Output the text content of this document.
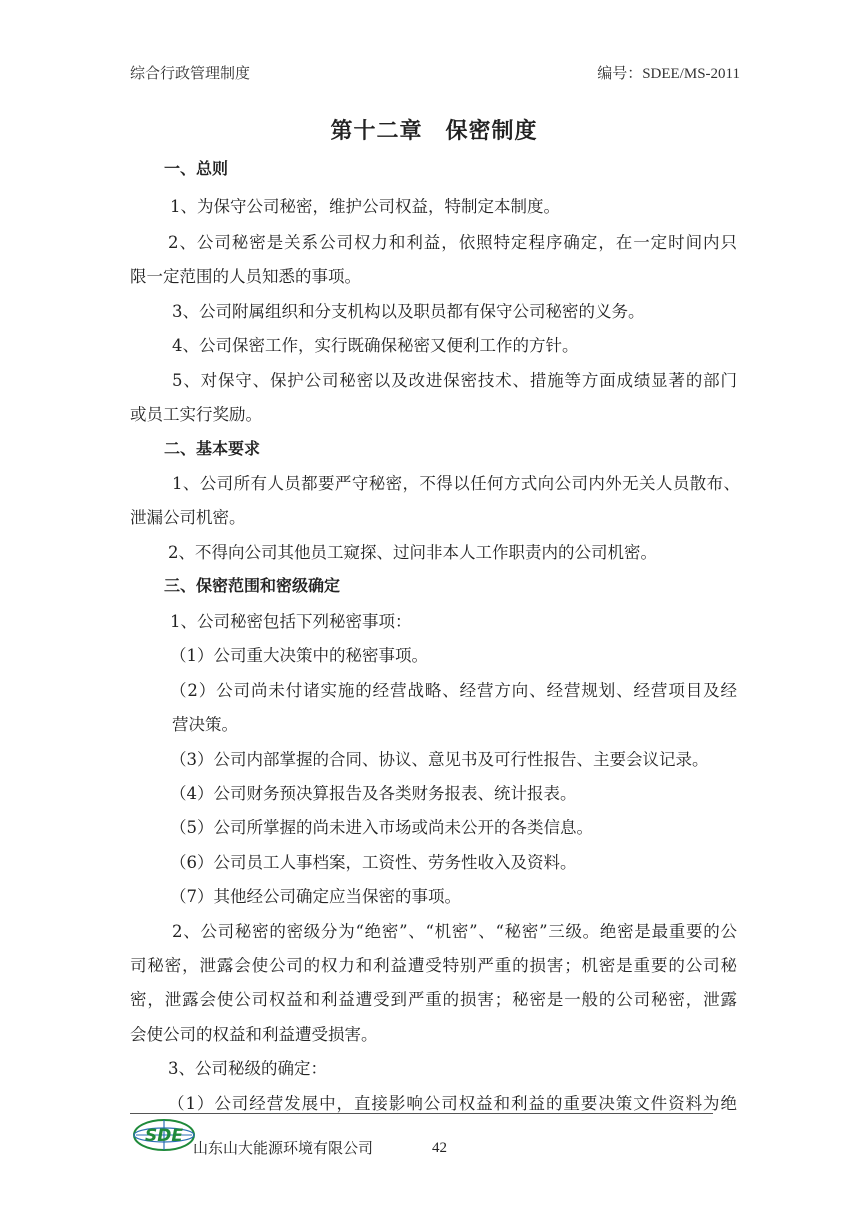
综合行政管理制度	编号：SDEE/MS-2011
第十二章　保密制度
一、总则
1、为保守公司秘密，维护公司权益，特制定本制度。
2、公司秘密是关系公司权力和利益，依照特定程序确定，在一定时间内只
限一定范围的人员知悉的事项。
3、公司附属组织和分支机构以及职员都有保守公司秘密的义务。
4、公司保密工作，实行既确保秘密又便利工作的方针。
5、对保守、保护公司秘密以及改进保密技术、措施等方面成绩显著的部门
或员工实行奖励。
二、基本要求
1、公司所有人员都要严守秘密，不得以任何方式向公司内外无关人员散布、
泄漏公司机密。
2、不得向公司其他员工窥探、过问非本人工作职责内的公司机密。
三、保密范围和密级确定
1、公司秘密包括下列秘密事项：
（1）公司重大决策中的秘密事项。
（2）公司尚未付诸实施的经营战略、经营方向、经营规划、经营项目及经
营决策。
（3）公司内部掌握的合同、协议、意见书及可行性报告、主要会议记录。
（4）公司财务预决算报告及各类财务报表、统计报表。
（5）公司所掌握的尚未进入市场或尚未公开的各类信息。
（6）公司员工人事档案，工资性、劳务性收入及资料。
（7）其他经公司确定应当保密的事项。
2、公司秘密的密级分为“绝密”、“机密”、“秘密”三级。绝密是最重要的公
司秘密，泄露会使公司的权力和利益遭受特别严重的损害；机密是重要的公司秘
密，泄露会使公司权益和利益遭受到严重的损害；秘密是一般的公司秘密，泄露
会使公司的权益和利益遭受损害。
3、公司秘级的确定：
（1）公司经营发展中，直接影响公司权益和利益的重要决策文件资料为绝
SDE
山东山大能源环境有限公司	42
